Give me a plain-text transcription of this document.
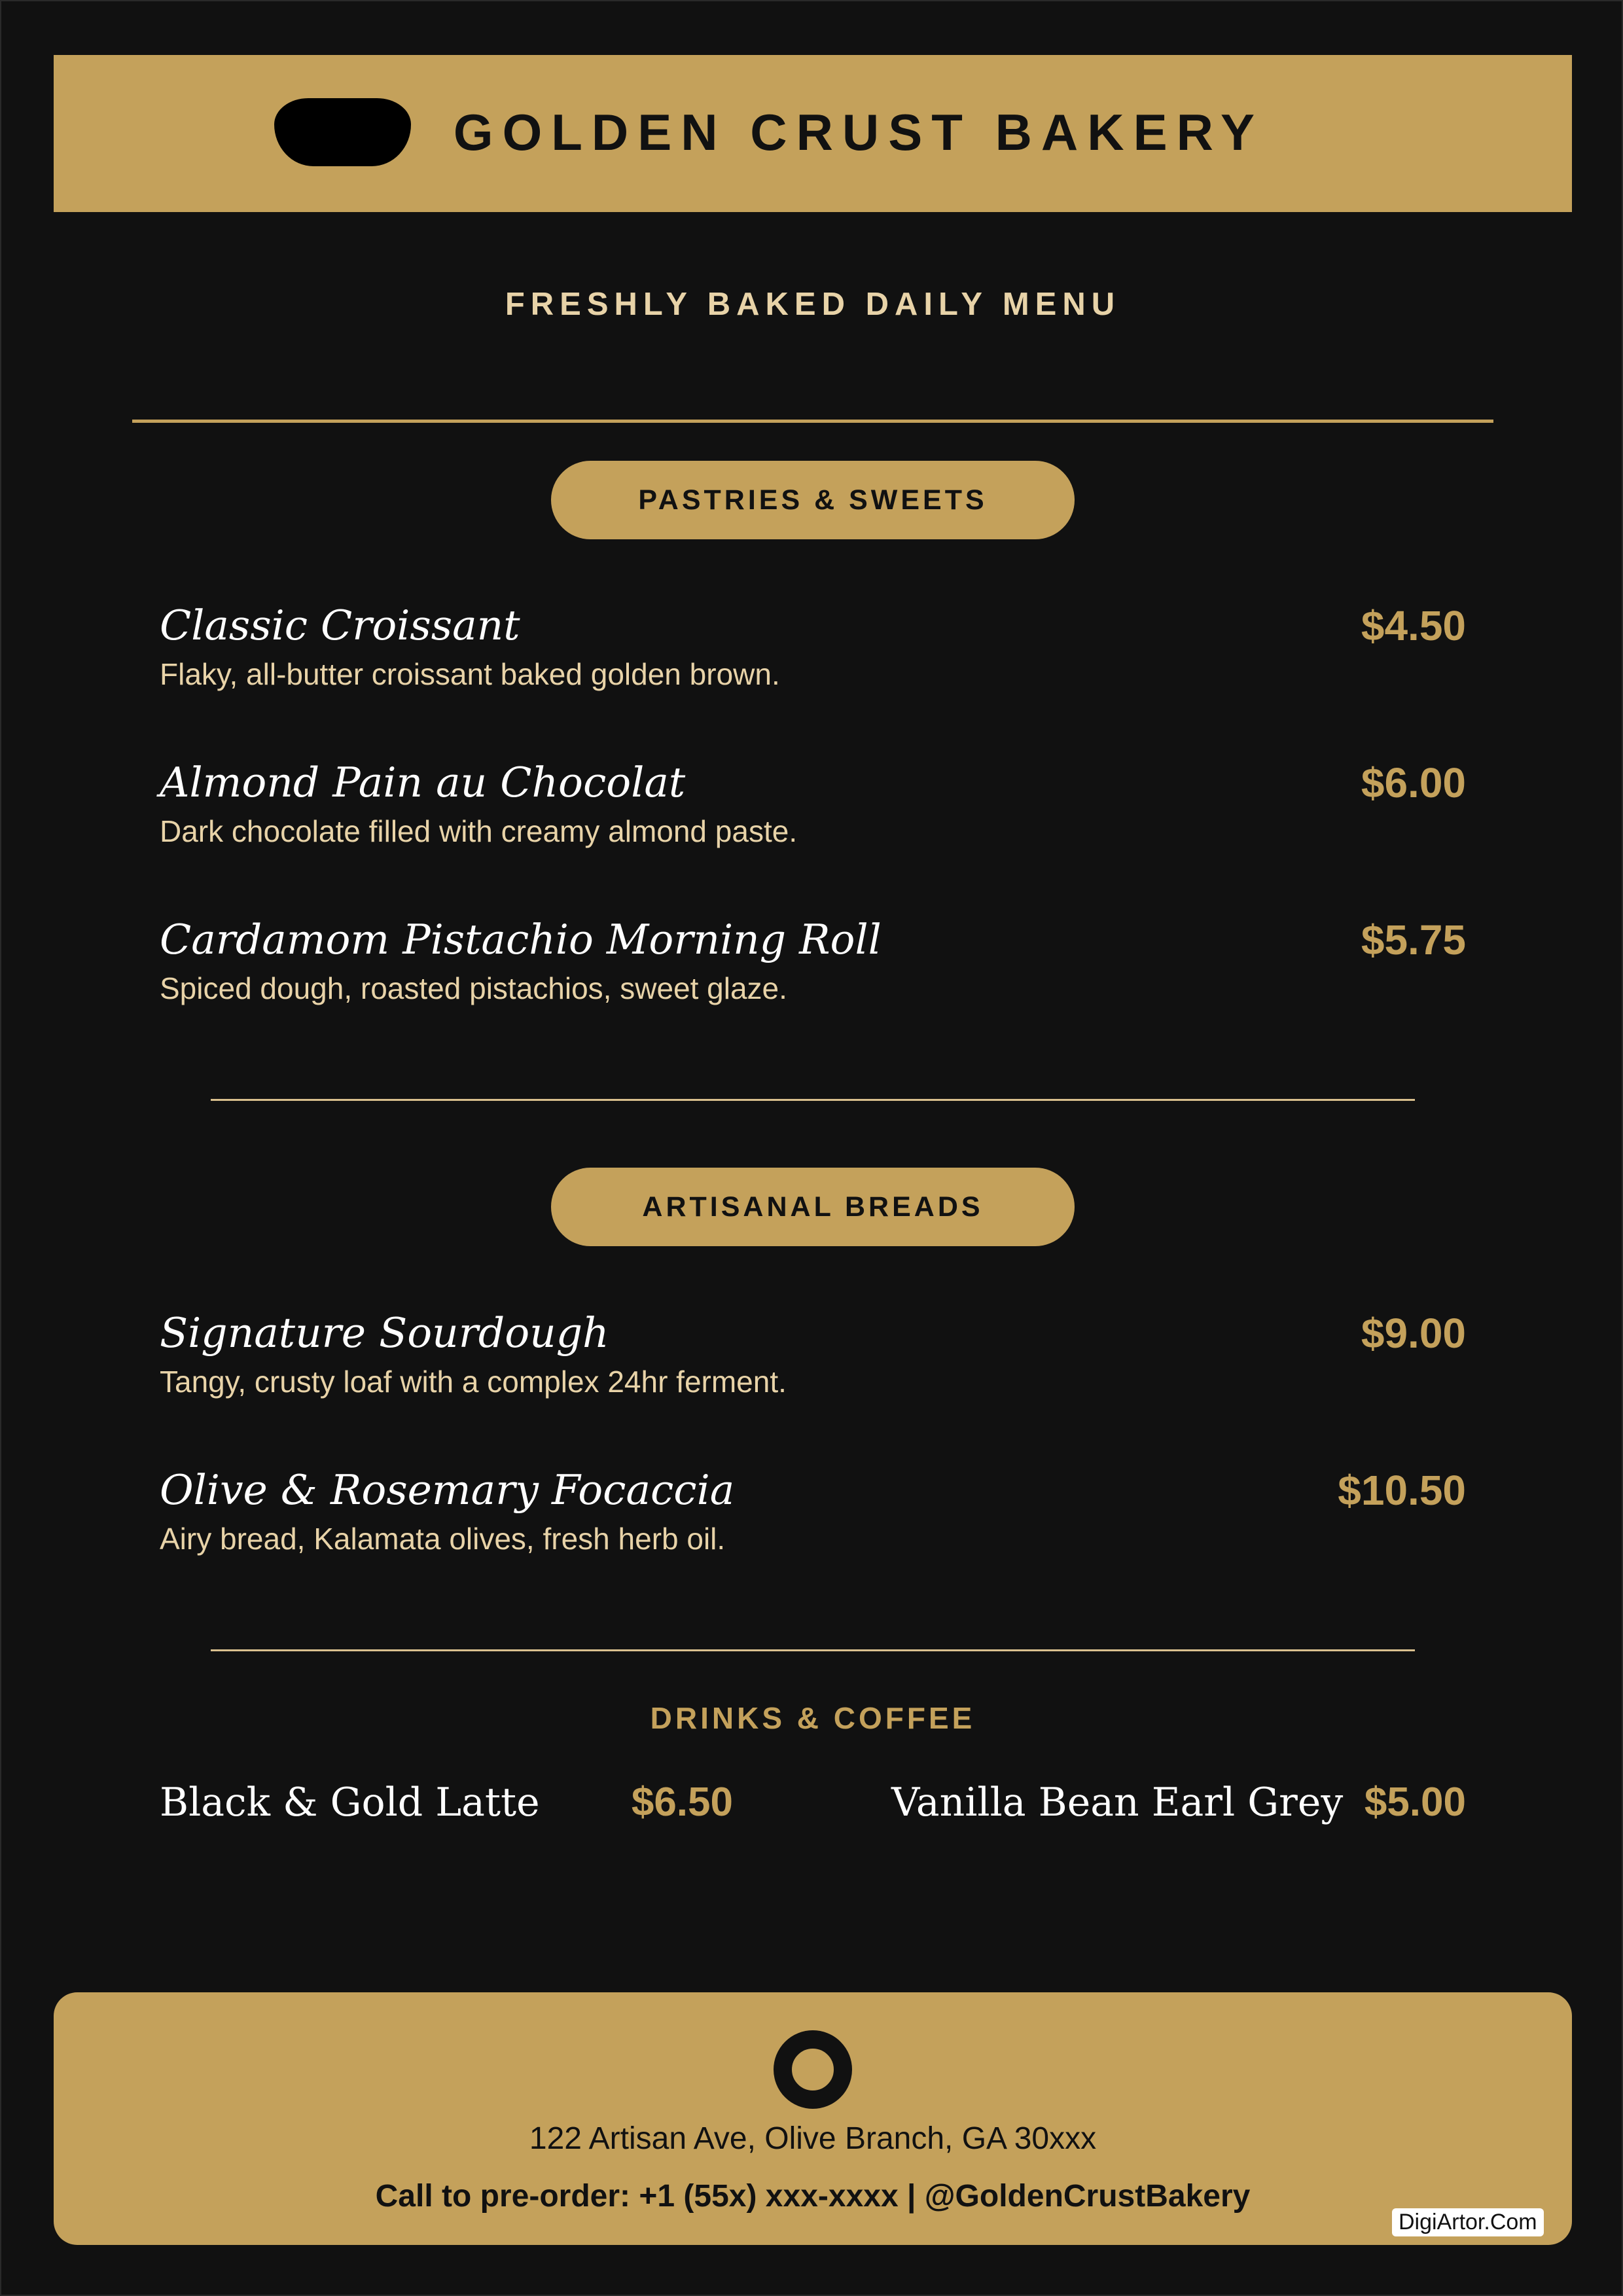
GOLDEN CRUST BAKERY
FRESHLY BAKED DAILY MENU
PASTRIES & SWEETS
Classic Croissant	$4.50
Flaky, all-butter croissant baked golden brown.
Almond Pain au Chocolat	$6.00
Dark chocolate filled with creamy almond paste.
Cardamom Pistachio Morning Roll	$5.75
Spiced dough, roasted pistachios, sweet glaze.
ARTISANAL BREADS
Signature Sourdough	$9.00
Tangy, crusty loaf with a complex 24hr ferment.
Olive & Rosemary Focaccia	$10.50
Airy bread, Kalamata olives, fresh herb oil.
DRINKS & COFFEE
Black & Gold Latte	$6.50	Vanilla Bean Earl Grey $5.00
122 Artisan Ave, Olive Branch, GA 30xxx
Call to pre-order: +1 (55x) xxx-xxxx | @GoldenCrustBakery
DigiArtor.Com
